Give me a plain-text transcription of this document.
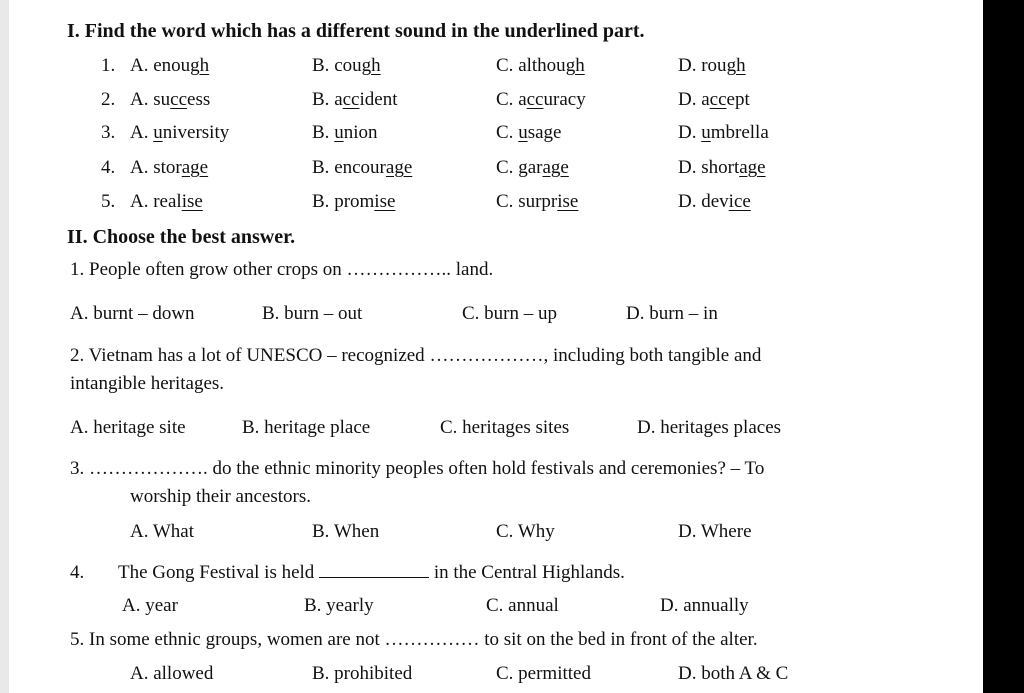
I. Find the word which has a different sound in the underlined part.
1. A. enough	B. cough	C. although	D. rough
2. A. success	B. accident	C. accuracy	D. accept
3. A. university	B. union	C. usage	D. umbrella
4. A. storage	B. encourage	C. garage	D. shortage
5. A. realise	B. promise	C. surprise	D. device
II. Choose the best answer.
1. People often grow other crops on …………….. land.
A. burnt – down	B. burn – out	C. burn – up	D. burn – in
2. Vietnam has a lot of UNESCO – recognized ………………, including both tangible and
intangible heritages.
A. heritage site	B. heritage place	C. heritages sites	D. heritages places
3. ………………. do the ethnic minority peoples often hold festivals and ceremonies? – To
worship their ancestors.
A. What	B. When	C. Why	D. Where
4. The Gong Festival is held	in the Central Highlands.
A. year	B. yearly	C. annual	D. annually
5. In some ethnic groups, women are not …………… to sit on the bed in front of the alter.
A. allowed	B. prohibited	C. permitted	D. both A & C
